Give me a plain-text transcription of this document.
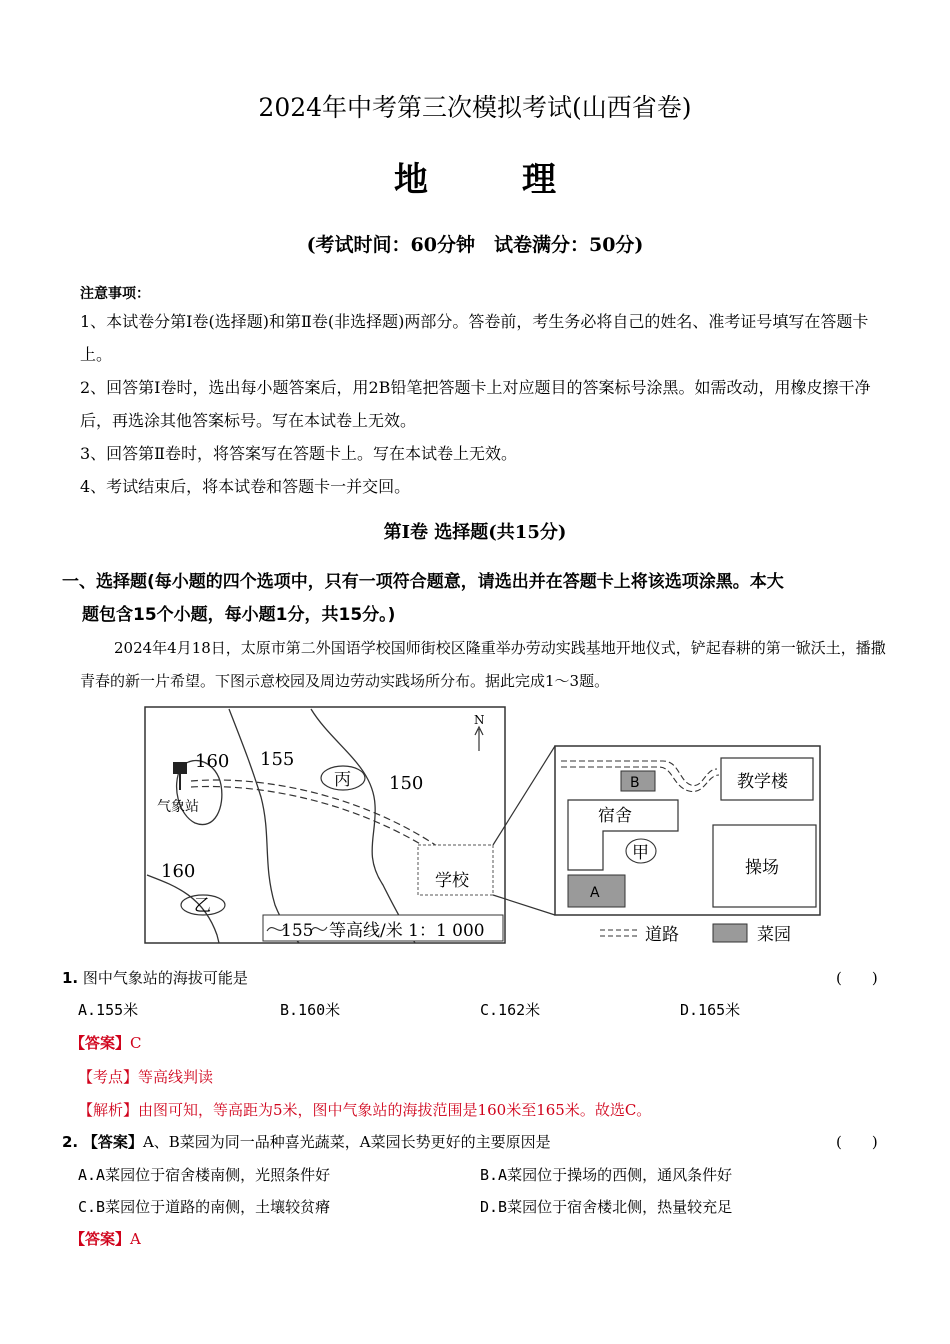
2024年中考第三次模拟考试(山西省卷)
地　理
(考试时间：60分钟　试卷满分：50分)
注意事项：
1、本试卷分第Ⅰ卷(选择题)和第Ⅱ卷(非选择题)两部分。答卷前，考生务必将自己的姓名、准考证号填写在答题卡上。
2、回答第Ⅰ卷时，选出每小题答案后，用2B铅笔把答题卡上对应题目的答案标号涂黑。如需改动，用橡皮擦干净后，再选涂其他答案标号。写在本试卷上无效。
3、回答第Ⅱ卷时，将答案写在答题卡上。写在本试卷上无效。
4、考试结束后，将本试卷和答题卡一并交回。
第Ⅰ卷 选择题(共15分)
一、选择题(每小题的四个选项中，只有一项符合题意，请选出并在答题卡上将该选项涂黑。本大
题包含15个小题，每小题1分，共15分。)
2024年4月18日，太原市第二外国语学校国师街校区隆重举办劳动实践基地开地仪式，铲起春耕的第一锨沃土，播撒青春的新一片希望。下图示意校园及周边劳动实践场所分布。据此完成1～3题。
160 155
150
160
气象站
丙
乙
N
学校
155 等高线/米 1：1 000
B	教学楼
宿舍
甲
A
操场
道路	菜园
1. 图中气象站的海拔可能是	(　　)
A.155米	B.160米	C.162米	D.165米
【答案】C
【考点】等高线判读
【解析】由图可知，等高距为5米，图中气象站的海拔范围是160米至165米。故选C。
2. 【答案】A、B菜园为同一品种喜光蔬菜，A菜园长势更好的主要原因是	(　　)
A.A菜园位于宿舍楼南侧，光照条件好	B.A菜园位于操场的西侧，通风条件好
C.B菜园位于道路的南侧，土壤较贫瘠	D.B菜园位于宿舍楼北侧，热量较充足
【答案】A
